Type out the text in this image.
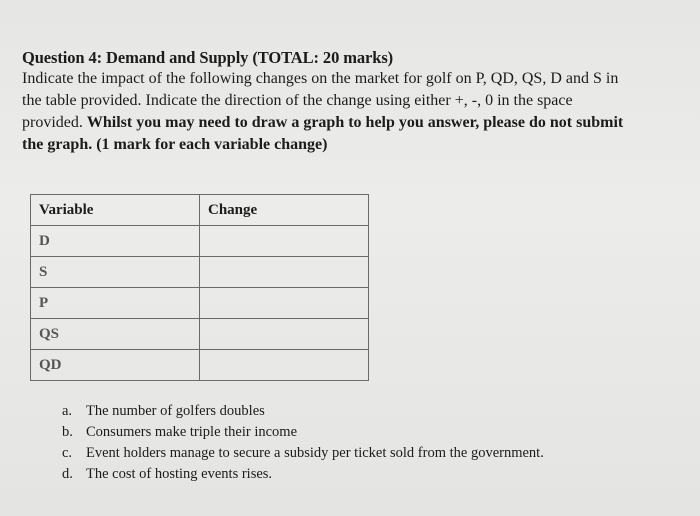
Question 4: Demand and Supply (TOTAL: 20 marks)
Indicate the impact of the following changes on the market for golf on P, QD, QS, D and S in the table provided. Indicate the direction of the change using either +, -, 0 in the space provided. Whilst you may need to draw a graph to help you answer, please do not submit the graph. (1 mark for each variable change)
Variable	Change
D	
S	
P	
QS	
QD	
a. The number of golfers doubles
b. Consumers make triple their income
c. Event holders manage to secure a subsidy per ticket sold from the government.
d. The cost of hosting events rises.
